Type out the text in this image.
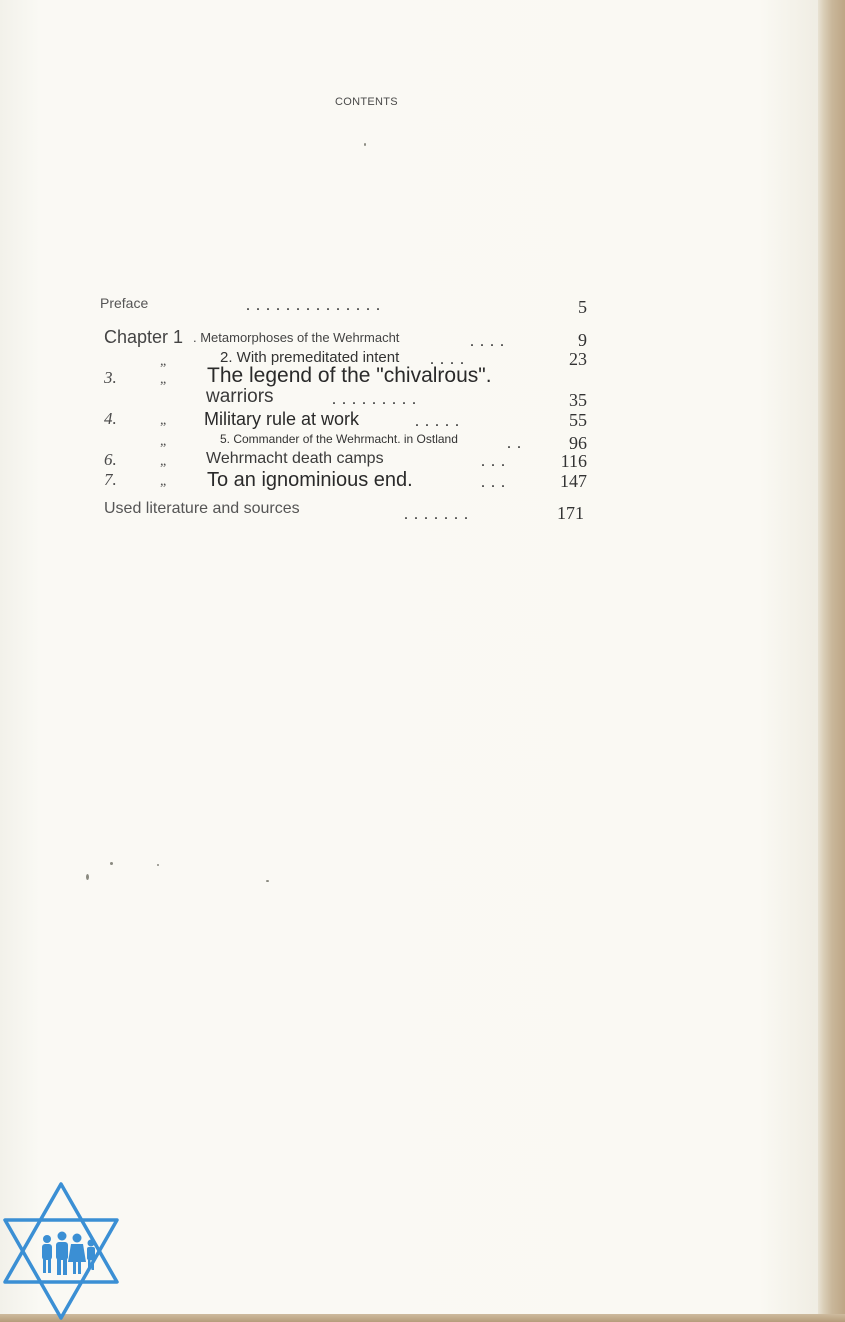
CONTENTS
Preface	. . . . . . . . . . . . . .	5
Chapter 1 . Metamorphoses of the Wehrmacht	. . . .	9
„	2. With premeditated intent . . . .	23
3.	„ The legend of the "chivalrous".
warriors	. . . . . . . . .	35
4.	„ Military rule at work	. . . . .	55
„	5. Commander of the Wehrmacht. in Ostland	. .	96
6.	„ Wehrmacht death camps	. . .	116
7.	„ To an ignominious end.	. . .	147
Used literature and sources	. . . . . . .	171
